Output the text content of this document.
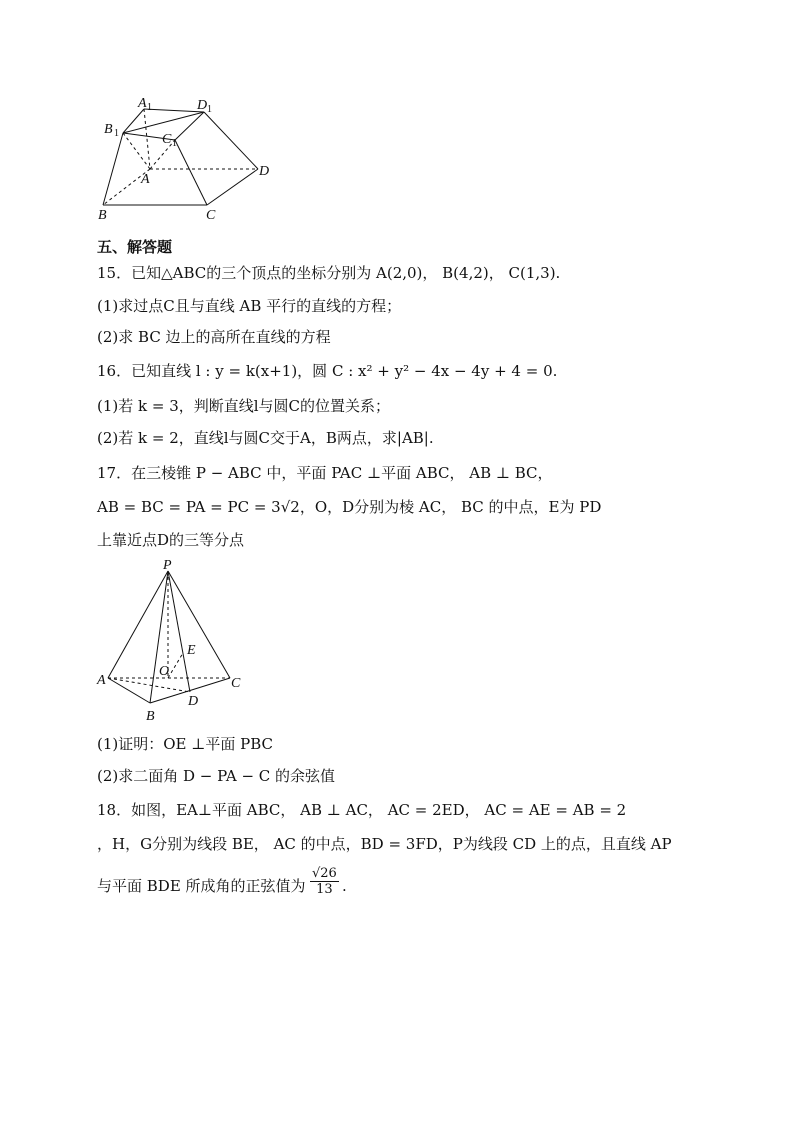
A 1	D 1
B 1	C 1
A
D
B	C
五、解答题
15．已知△ABC的三个顶点的坐标分别为 A(2,0)， B(4,2)， C(1,3).
(1)求过点C且与直线 AB 平行的直线的方程；
(2)求 BC 边上的高所在直线的方程
16．已知直线 l : y = k(x+1)，圆 C : x² + y² − 4x − 4y + 4 = 0.
(1)若 k = 3，判断直线l与圆C的位置关系；
(2)若 k = 2，直线l与圆C交于A，B两点，求|AB|.
17．在三棱锥 P − ABC 中，平面 PAC ⊥平面 ABC， AB ⊥ BC，
AB = BC = PA = PC = 3√2，O，D分别为棱 AC， BC 的中点，E为 PD
上靠近点D的三等分点
P
E
O
A	C
D
B
(1)证明：OE ⊥平面 PBC
(2)求二面角 D − PA − C 的余弦值
18．如图，EA⊥平面 ABC， AB ⊥ AC， AC = 2ED， AC = AE = AB = 2
，H，G分别为线段 BE， AC 的中点，BD = 3FD，P为线段 CD 上的点，且直线 AP
与平面 BDE 所成角的正弦值为 $\frac{√26}{13}$ .
